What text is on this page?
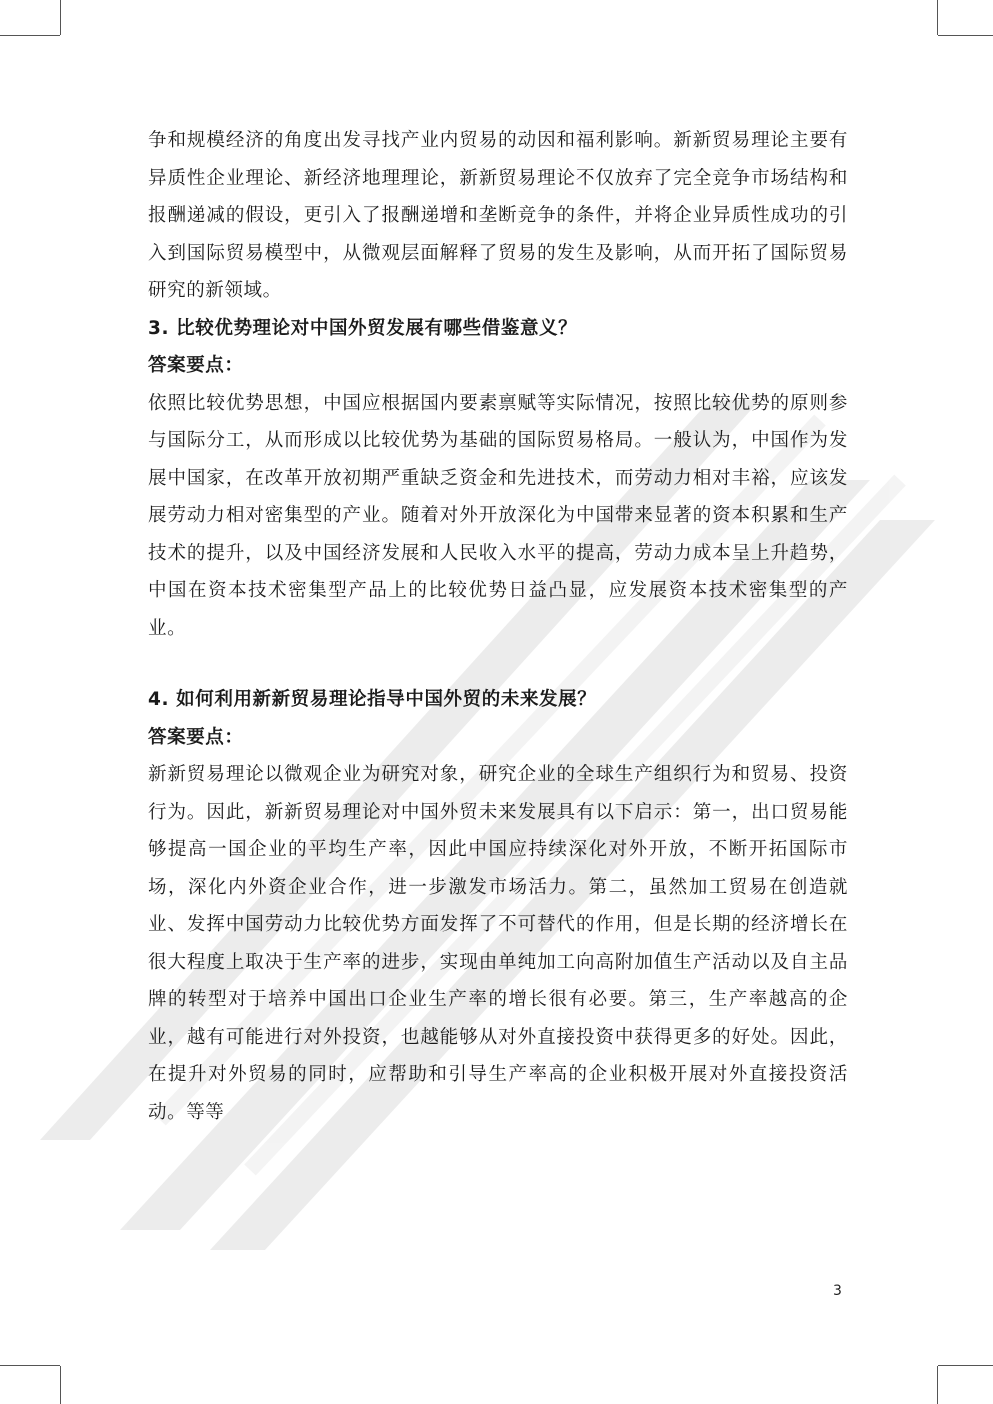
争和规模经济的角度出发寻找产业内贸易的动因和福利影响。新新贸易理论主要有异质性企业理论、新经济地理理论，新新贸易理论不仅放弃了完全竞争市场结构和报酬递减的假设，更引入了报酬递增和垄断竞争的条件，并将企业异质性成功的引入到国际贸易模型中，从微观层面解释了贸易的发生及影响，从而开拓了国际贸易研究的新领域。

3. 比较优势理论对中国外贸发展有哪些借鉴意义？

答案要点：

依照比较优势思想，中国应根据国内要素禀赋等实际情况，按照比较优势的原则参与国际分工，从而形成以比较优势为基础的国际贸易格局。一般认为，中国作为发展中国家，在改革开放初期严重缺乏资金和先进技术，而劳动力相对丰裕，应该发展劳动力相对密集型的产业。随着对外开放深化为中国带来显著的资本积累和生产技术的提升，以及中国经济发展和人民收入水平的提高，劳动力成本呈上升趋势，中国在资本技术密集型产品上的比较优势日益凸显，应发展资本技术密集型的产业。

4. 如何利用新新贸易理论指导中国外贸的未来发展？

答案要点：

新新贸易理论以微观企业为研究对象，研究企业的全球生产组织行为和贸易、投资行为。因此，新新贸易理论对中国外贸未来发展具有以下启示：第一，出口贸易能够提高一国企业的平均生产率，因此中国应持续深化对外开放，不断开拓国际市场，深化内外资企业合作，进一步激发市场活力。第二，虽然加工贸易在创造就业、发挥中国劳动力比较优势方面发挥了不可替代的作用，但是长期的经济增长在很大程度上取决于生产率的进步，实现由单纯加工向高附加值生产活动以及自主品牌的转型对于培养中国出口企业生产率的增长很有必要。第三，生产率越高的企业，越有可能进行对外投资，也越能够从对外直接投资中获得更多的好处。因此，在提升对外贸易的同时，应帮助和引导生产率高的企业积极开展对外直接投资活动。等等

3
